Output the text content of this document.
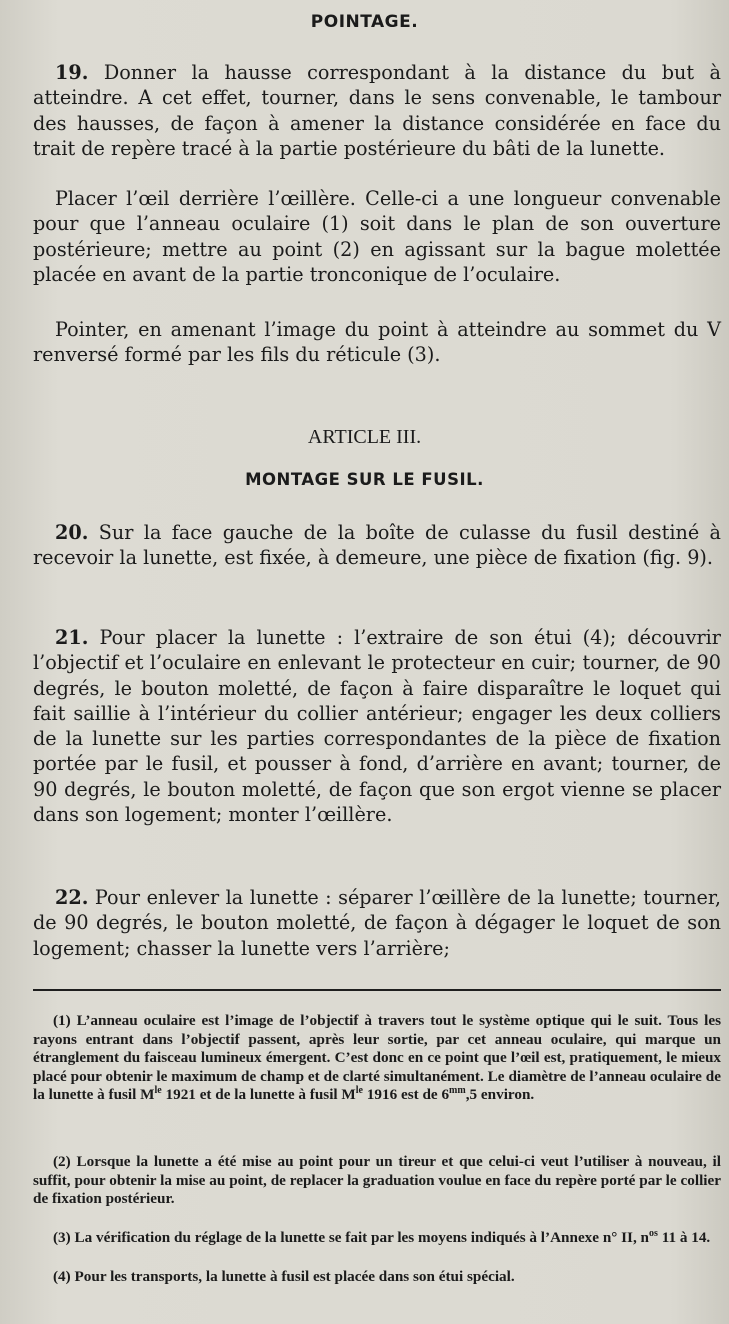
POINTAGE.

19. Donner la hausse correspondant à la distance du but à atteindre. A cet effet, tourner, dans le sens convenable, le tambour des hausses, de façon à amener la distance considérée en face du trait de repère tracé à la partie postérieure du bâti de la lunette.

Placer l’œil derrière l’œillère. Celle-ci a une longueur convenable pour que l’anneau oculaire (1) soit dans le plan de son ouverture postérieure; mettre au point (2) en agissant sur la bague molettée placée en avant de la partie tronconique de l’oculaire.

Pointer, en amenant l’image du point à atteindre au sommet du V renversé formé par les fils du réticule (3).

ARTICLE III.
MONTAGE SUR LE FUSIL.

20. Sur la face gauche de la boîte de culasse du fusil destiné à recevoir la lunette, est fixée, à demeure, une pièce de fixation (fig. 9).

21. Pour placer la lunette : l’extraire de son étui (4); découvrir l’objectif et l’oculaire en enlevant le protecteur en cuir; tourner, de 90 degrés, le bouton moletté, de façon à faire disparaître le loquet qui fait saillie à l’intérieur du collier antérieur; engager les deux colliers de la lunette sur les parties correspondantes de la pièce de fixation portée par le fusil, et pousser à fond, d’arrière en avant; tourner, de 90 degrés, le bouton moletté, de façon que son ergot vienne se placer dans son logement; monter l’œillère.

22. Pour enlever la lunette : séparer l’œillère de la lunette; tourner, de 90 degrés, le bouton moletté, de façon à dégager le loquet de son logement; chasser la lunette vers l’arrière;

(1) L’anneau oculaire est l’image de l’objectif à travers tout le système optique qui le suit. Tous les rayons entrant dans l’objectif passent, après leur sortie, par cet anneau oculaire, qui marque un étranglement du faisceau lumineux émergent. C’est donc en ce point que l’œil est, pratiquement, le mieux placé pour obtenir le maximum de champ et de clarté simultanément. Le diamètre de l’anneau oculaire de la lunette à fusil $M^{le}$ 1921 et de la lunette à fusil $M^{le}$ 1916 est de $6^{mm},5$ environ.

(2) Lorsque la lunette a été mise au point pour un tireur et que celui-ci veut l’utiliser à nouveau, il suffit, pour obtenir la mise au point, de replacer la graduation voulue en face du repère porté par le collier de fixation postérieur.

(3) La vérification du réglage de la lunette se fait par les moyens indiqués à l’Annexe n° II, $n^{os}$ 11 à 14.

(4) Pour les transports, la lunette à fusil est placée dans son étui spécial.
